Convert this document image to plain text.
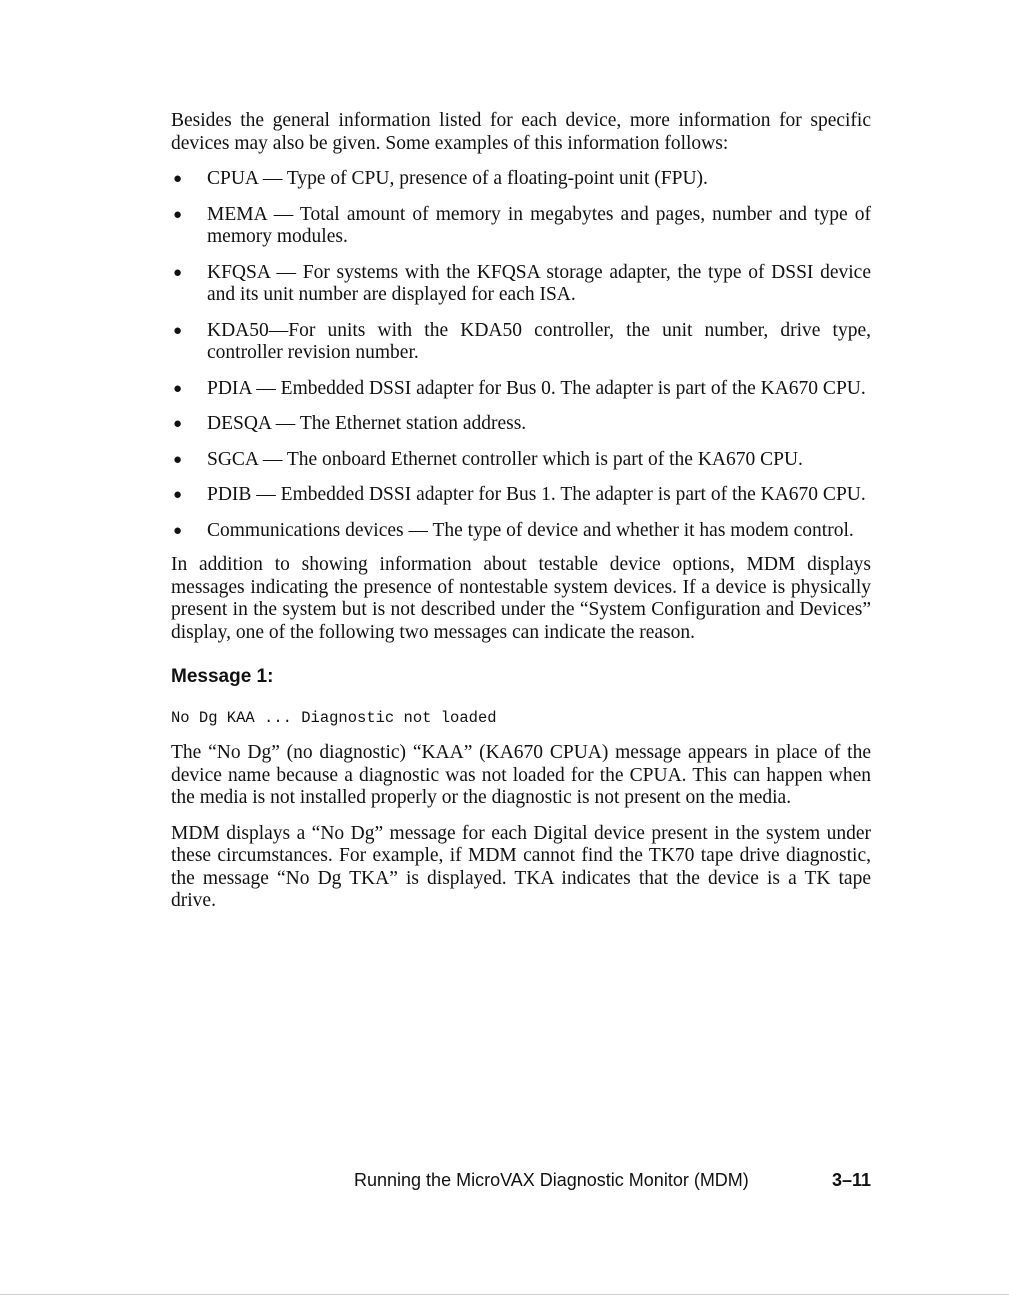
Besides the general information listed for each device, more information for specific devices may also be given. Some examples of this information follows:

● CPUA — Type of CPU, presence of a floating-point unit (FPU).
● MEMA — Total amount of memory in megabytes and pages, number and type of memory modules.
● KFQSA — For systems with the KFQSA storage adapter, the type of DSSI device and its unit number are displayed for each ISA.
● KDA50—For units with the KDA50 controller, the unit number, drive type, controller revision number.
● PDIA — Embedded DSSI adapter for Bus 0. The adapter is part of the KA670 CPU.
● DESQA — The Ethernet station address.
● SGCA — The onboard Ethernet controller which is part of the KA670 CPU.
● PDIB — Embedded DSSI adapter for Bus 1. The adapter is part of the KA670 CPU.
● Communications devices — The type of device and whether it has modem control.

In addition to showing information about testable device options, MDM displays messages indicating the presence of nontestable system devices. If a device is physically present in the system but is not described under the “System Configuration and Devices” display, one of the following two messages can indicate the reason.

Message 1:
No Dg KAA ... Diagnostic not loaded

The “No Dg” (no diagnostic) “KAA” (KA670 CPUA) message appears in place of the device name because a diagnostic was not loaded for the CPUA. This can happen when the media is not installed properly or the diagnostic is not present on the media.

MDM displays a “No Dg” message for each Digital device present in the system under these circumstances. For example, if MDM cannot find the TK70 tape drive diagnostic, the message “No Dg TKA” is displayed. TKA indicates that the device is a TK tape drive.

Running the MicroVAX Diagnostic Monitor (MDM)	3–11
